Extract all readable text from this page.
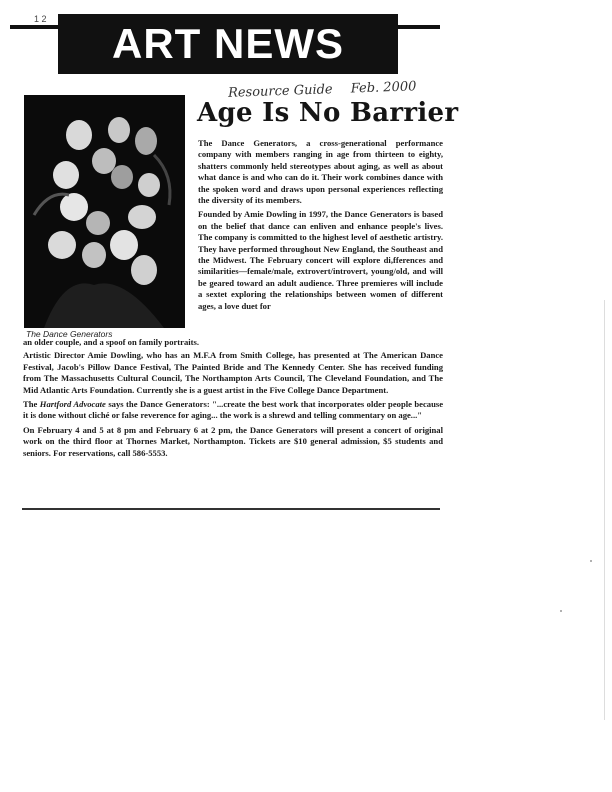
1 2
ART NEWS
Resource Guide Feb. 2000
The Dance Generators
Age Is No Barrier

The Dance Generators, a cross-generational performance company with members ranging in age from thirteen to eighty, shatters commonly held stereotypes about aging, as well as about what dance is and who can do it. Their work combines dance with the spoken word and draws upon personal experiences reflecting the diversity of its members.

Founded by Amie Dowling in 1997, the Dance Generators is based on the belief that dance can enliven and enhance people's lives. The company is committed to the highest level of aesthetic artistry. They have performed throughout New England, the Southeast and the Midwest. The February concert will explore di,fferences and similarities—female/male, extrovert/introvert, young/old, and will be geared toward an adult audience. Three premieres will include a sextet exploring the relationships between women of different ages, a love duet for

an older couple, and a spoof on family portraits.

Artistic Director Amie Dowling, who has an M.F.A from Smith College, has presented at The American Dance Festival, Jacob's Pillow Dance Festival, The Painted Bride and The Kennedy Center. She has received funding from The Massachusetts Cultural Council, The Northampton Arts Council, The Cleveland Foundation, and The Mid Atlantic Arts Foundation. Currently she is a guest artist in the Five College Dance Department.

The Hartford Advocate says the Dance Generators: "...create the best work that incorporates older people because it is done without cliché or false reverence for aging... the work is a shrewd and telling commentary on age..."

On February 4 and 5 at 8 pm and February 6 at 2 pm, the Dance Generators will present a concert of original work on the third floor at Thornes Market, Northampton. Tickets are $10 general admission, $5 students and seniors. For reservations, call 586-5553.
